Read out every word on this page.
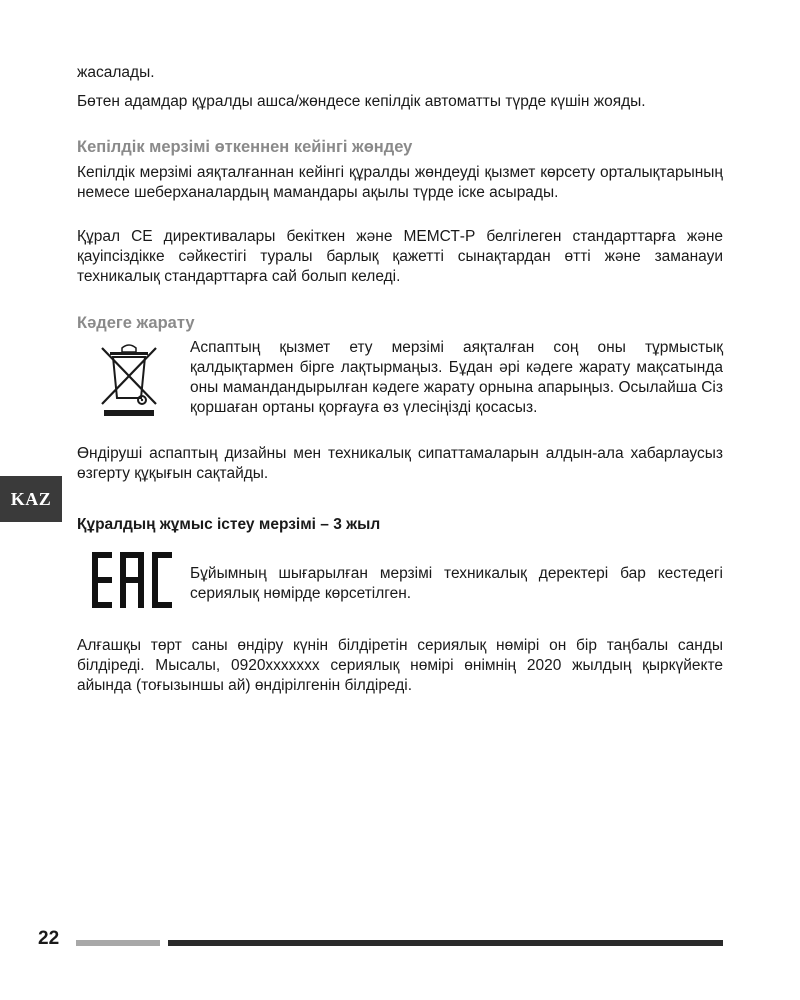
жасалады.

Бөтен адамдар құралды ашса/жөндесе кепілдік автоматты түрде күшін жояды.

Кепілдік мерзімі өткеннен кейінгі жөндеу

Кепілдік мерзімі аяқталғаннан кейінгі құралды жөндеуді қызмет көрсету орталықтарының немесе шеберханалардың мамандары ақылы түрде іске асырады.

Құрал CE директивалары бекіткен және МЕМСТ-Р белгілеген стандарттарға және қауіпсіздікке сәйкестігі туралы барлық қажетті сынақтардан өтті және заманауи техникалық стандарттарға сай болып келеді.

Кәдеге жарату

Аспаптың қызмет ету мерзімі аяқталған соң оны тұрмыстық қалдықтармен бірге лақтырмаңыз. Бұдан әрі кәдеге жарату мақсатында оны мамандандырылған кәдеге жарату орнына апарыңыз. Осылайша Сіз қоршаған ортаны қорғауға өз үлесіңізді қосасыз.

Өндіруші аспаптың дизайны мен техникалық сипаттамаларын алдын-ала хабарлаусыз өзгерту құқығын сақтайды.

KAZ

Құралдың жұмыс істеу мерзімі – 3 жыл

Бұйымның шығарылған мерзімі техникалық деректері бар кестедегі сериялық нөмірде көрсетілген.

Алғашқы төрт саны өндіру күнін білдіретін сериялық нөмірі он бір таңбалы санды білдіреді. Мысалы, 0920xxxxxxx сериялық нөмірі өнімнің 2020 жылдың қыркүйекте айында (тоғызыншы ай) өндірілгенін білдіреді.

22
